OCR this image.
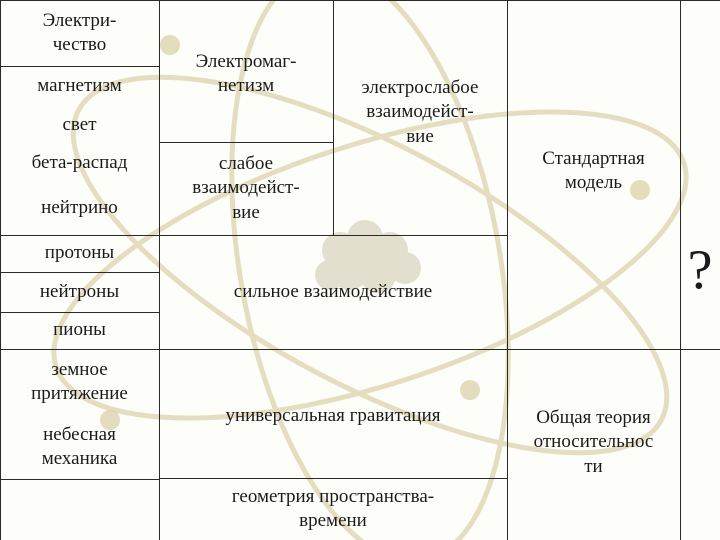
Электри-
чество
магнетизм
свет
бета-распад
нейтрино
протоны
нейтроны
пионы
земное
притяжение
небесная
механика
Электромаг-
нетизм
слабое
взаимодейст-
вие
сильное взаимодействие
универсальная гравитация
геометрия пространства-
времени
электрослабое
взаимодейст-
вие
Стандартная
модель
Общая теория
относительнос
ти
?
